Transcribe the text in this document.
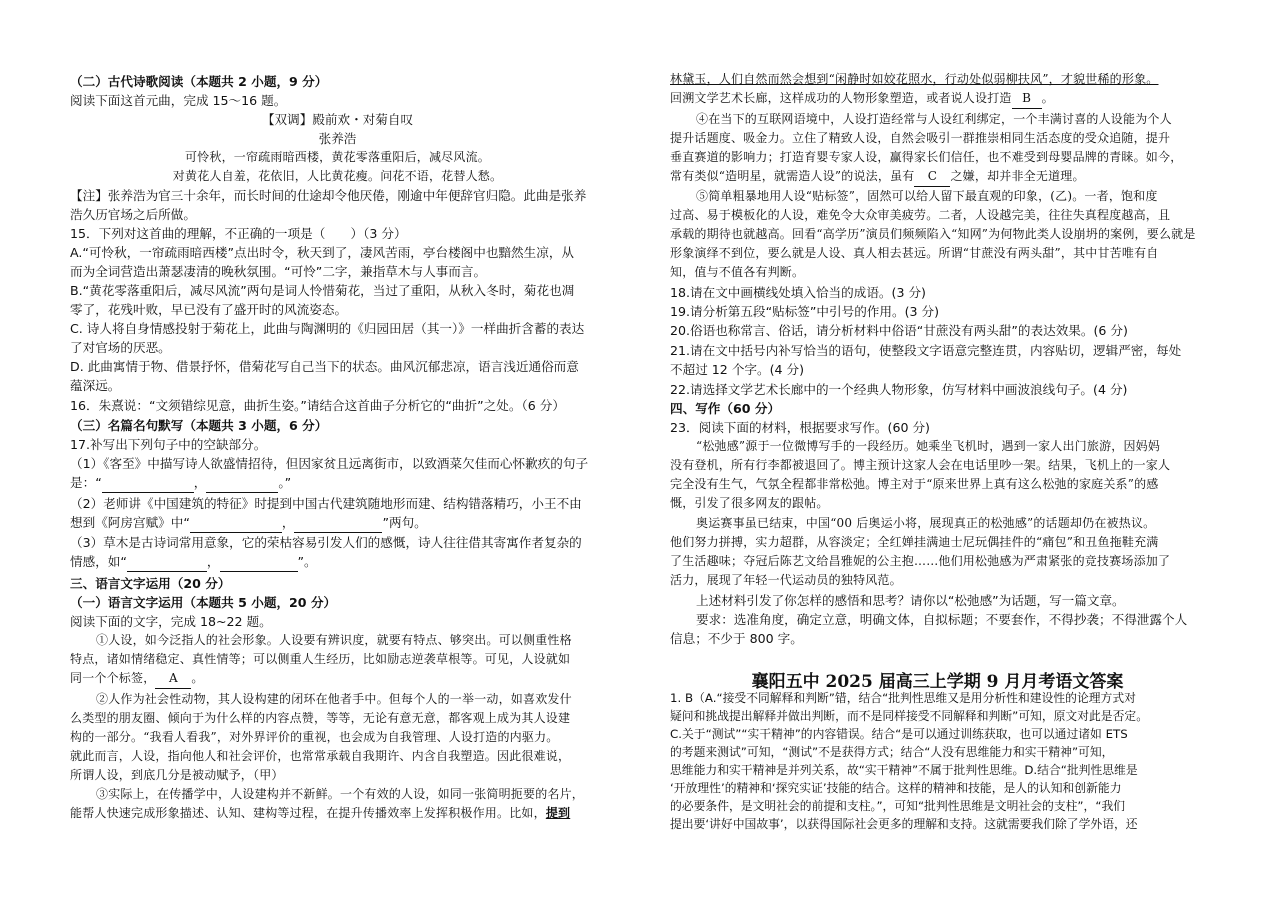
（二）古代诗歌阅读（本题共 2 小题，9 分）
阅读下面这首元曲，完成 15～16 题。
【双调】殿前欢・对菊自叹
张养浩
可怜秋，一帘疏雨暗西楼，黄花零落重阳后，减尽风流。
对黄花人自羞，花依旧，人比黄花瘦。问花不语，花替人愁。
【注】张养浩为官三十余年，而长时间的仕途却令他厌倦，刚逾中年便辞官归隐。此曲是张养
浩久历官场之后所做。
15．下列对这首曲的理解，不正确的一项是（　　）（3 分）
A.“可怜秋，一帘疏雨暗西楼”点出时令，秋天到了，凄风苦雨，亭台楼阁中也黯然生凉，从
而为全词营造出萧瑟凄清的晚秋氛围。“可怜”二字，兼指草木与人事而言。
B.“黄花零落重阳后，减尽风流”两句是词人怜惜菊花，当过了重阳，从秋入冬时，菊花也凋
零了，花残叶败，早已没有了盛开时的风流姿态。
C. 诗人将自身情感投射于菊花上，此曲与陶渊明的《归园田居（其一）》一样曲折含蓄的表达
了对官场的厌恶。
D. 此曲寓情于物、借景抒怀，借菊花写自己当下的状态。曲风沉郁悲凉，语言浅近通俗而意
蕴深远。
16．朱熹说：“文须错综见意，曲折生姿。”请结合这首曲子分析它的“曲折”之处。（6 分）
（三）名篇名句默写（本题共 3 小题，6 分）
17.补写出下列句子中的空缺部分。
（1）《客至》中描写诗人欲盛情招待，但因家贫且远离街市，以致酒菜欠佳而心怀歉疚的句子
是：“	，	。”
（2）老师讲《中国建筑的特征》时提到中国古代建筑随地形而建、结构错落精巧，小王不由
想到《阿房宫赋》中“	，	”两句。
（3）草木是古诗词常用意象，它的荣枯容易引发人们的感慨，诗人往往借其寄寓作者复杂的
情感，如“	，	”。
三、语言文字运用（20 分）
（一）语言文字运用（本题共 5 小题，20 分）
阅读下面的文字，完成 18~22 题。
①人设，如今泛指人的社会形象。人设要有辨识度，就要有特点、够突出。可以侧重性格
特点，诸如情绪稳定、真性情等；可以侧重人生经历，比如励志逆袭草根等。可见，人设就如
同一个个标签， A 。
②人作为社会性动物，其人设构建的闭环在他者手中。但每个人的一举一动，如喜欢发什
么类型的朋友圈、倾向于为什么样的内容点赞，等等，无论有意无意，都客观上成为其人设建
构的一部分。“我看人看我”，对外界评价的重视，也会成为自我管理、人设打造的内驱力。
就此而言，人设，指向他人和社会评价，也常常承载自我期许、内含自我塑造。因此很难说，
所谓人设，到底几分是被动赋予，（甲）
③实际上，在传播学中，人设建构并不新鲜。一个有效的人设，如同一张简明扼要的名片，
能帮人快速完成形象描述、认知、建构等过程，在提升传播效率上发挥积极作用。比如，提到
林黛玉，人们自然而然会想到“闲静时如姣花照水，行动处似弱柳扶风”，才貌世稀的形象。
回溯文学艺术长廊，这样成功的人物形象塑造，或者说人设打造 B 。
④在当下的互联网语境中，人设打造经常与人设红利绑定，一个丰满讨喜的人设能为个人
提升话题度、吸金力。立住了精致人设，自然会吸引一群推崇相同生活态度的受众追随，提升
垂直赛道的影响力；打造育婴专家人设，赢得家长们信任，也不难受到母婴品牌的青睐。如今，
常有类似“造明星，就需造人设”的说法，虽有 C 之嫌，却并非全无道理。
⑤简单粗暴地用人设“贴标签”，固然可以给人留下最直观的印象，(乙)。一者，饱和度
过高、易于模板化的人设，难免令大众审美疲劳。二者，人设越完美，往往失真程度越高，且
承载的期待也就越高。回看“高学历”演员们频频陷入“知网”为何物此类人设崩坍的案例，要么就是
形象演绎不到位，要么就是人设、真人相去甚远。所谓“甘蔗没有两头甜”，其中甘苦唯有自
知，值与不值各有判断。
18.请在文中画横线处填入恰当的成语。(3 分)
19.请分析第五段“贴标签”中引号的作用。(3 分)
20.俗语也称常言、俗话，请分析材料中俗语“甘蔗没有两头甜”的表达效果。(6 分)
21.请在文中括号内补写恰当的语句，使整段文字语意完整连贯，内容贴切，逻辑严密，每处
不超过 12 个字。(4 分)
22.请选择文学艺术长廊中的一个经典人物形象，仿写材料中画波浪线句子。(4 分)
四、写作（60 分）
23．阅读下面的材料，根据要求写作。(60 分)
“松弛感”源于一位微博写手的一段经历。她乘坐飞机时，遇到一家人出门旅游，因妈妈
没有登机，所有行李都被退回了。博主预计这家人会在电话里吵一架。结果，飞机上的一家人
完全没有生气，气氛全程都非常松弛。博主对于“原来世界上真有这么松弛的家庭关系”的感
慨，引发了很多网友的跟帖。
奥运赛事虽已结束，中国“00 后奥运小将，展现真正的松弛感”的话题却仍在被热议。
他们努力拼搏，实力超群，从容淡定；全红婵挂满迪士尼玩偶挂件的“痛包”和丑鱼拖鞋充满
了生活趣味；夺冠后陈艺文给昌雅妮的公主抱……他们用松弛感为严肃紧张的竞技赛场添加了
活力，展现了年轻一代运动员的独特风范。
上述材料引发了你怎样的感悟和思考？请你以“松弛感”为话题，写一篇文章。
要求：选准角度，确定立意，明确文体，自拟标题；不要套作，不得抄袭；不得泄露个人
信息；不少于 800 字。
襄阳五中 2025 届高三上学期 9 月月考语文答案
1. B（A.“接受不同解释和判断”错，结合“批判性思维又是用分析性和建设性的论理方式对
疑问和挑战提出解释并做出判断，而不是同样接受不同解释和判断”可知，原文对此是否定。
C.关于“测试”“实干精神”的内容错误。结合“是可以通过训练获取，也可以通过诸如 ETS
的考题来测试”可知，“测试”不是获得方式；结合“人没有思维能力和实干精神”可知，
思维能力和实干精神是并列关系，故“实干精神”不属于批判性思维。D.结合“批判性思维是
‘开放理性’的精神和‘探究实证’技能的结合。这样的精神和技能，是人的认知和创新能力
的必要条件，是文明社会的前提和支柱。”，可知“批判性思维是文明社会的支柱”，“我们
提出要‘讲好中国故事’，以获得国际社会更多的理解和支持。这就需要我们除了学外语，还
